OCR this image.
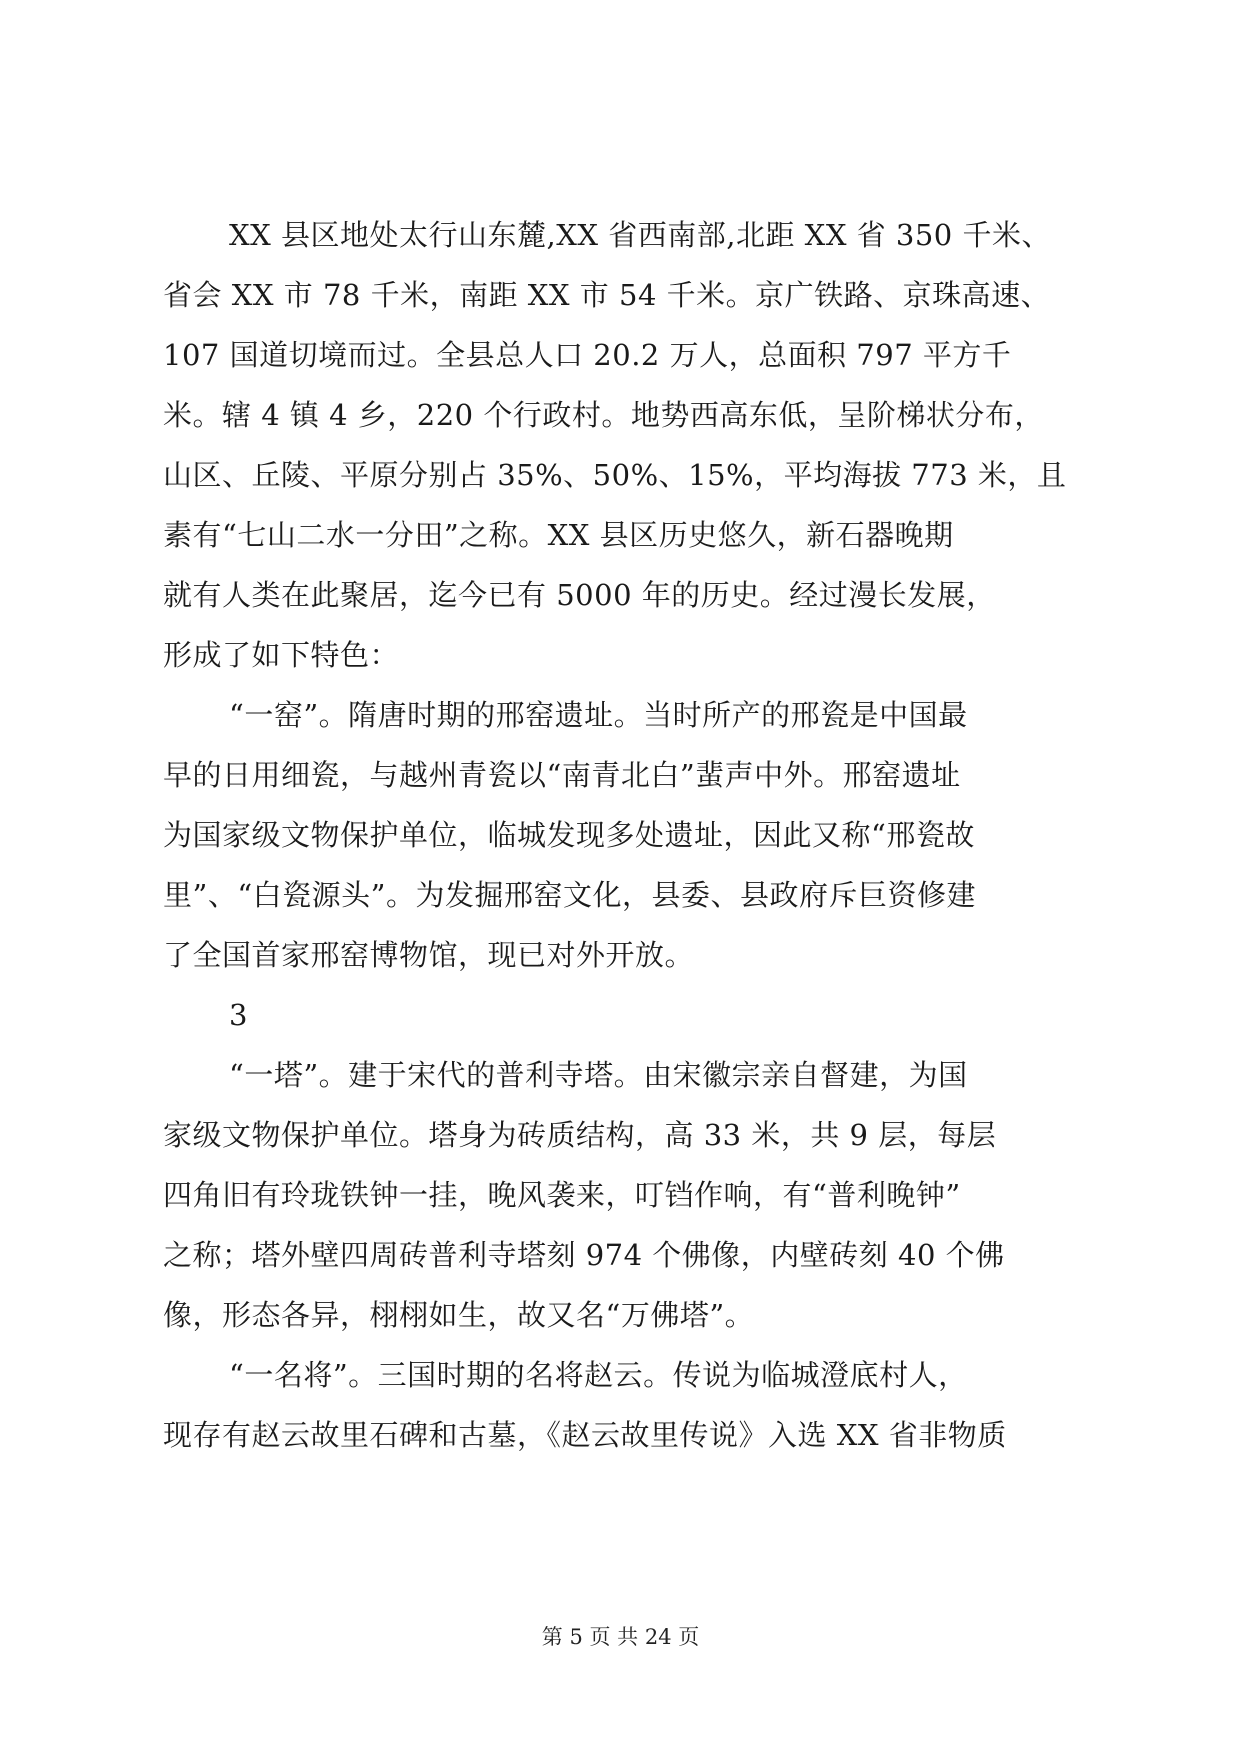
XX 县区地处太行山东麓,XX 省西南部,北距 XX 省 350 千米、
省会 XX 市 78 千米，南距 XX 市 54 千米。京广铁路、京珠高速、
107 国道切境而过。全县总人口 20.2 万人，总面积 797 平方千
米。辖 4 镇 4 乡，220 个行政村。地势西高东低，呈阶梯状分布，
山区、丘陵、平原分别占 35%、50%、15%，平均海拔 773 米，且
素有“七山二水一分田”之称。XX 县区历史悠久，新石器晚期
就有人类在此聚居，迄今已有 5000 年的历史。经过漫长发展，
形成了如下特色：
“一窑”。隋唐时期的邢窑遗址。当时所产的邢瓷是中国最
早的日用细瓷，与越州青瓷以“南青北白”蜚声中外。邢窑遗址
为国家级文物保护单位，临城发现多处遗址，因此又称“邢瓷故
里”、“白瓷源头”。为发掘邢窑文化，县委、县政府斥巨资修建
了全国首家邢窑博物馆，现已对外开放。
3
“一塔”。建于宋代的普利寺塔。由宋徽宗亲自督建，为国
家级文物保护单位。塔身为砖质结构，高 33 米，共 9 层，每层
四角旧有玲珑铁钟一挂，晚风袭来，叮铛作响，有“普利晚钟”
之称；塔外壁四周砖普利寺塔刻 974 个佛像，内壁砖刻 40 个佛
像，形态各异，栩栩如生，故又名“万佛塔”。
“一名将”。三国时期的名将赵云。传说为临城澄底村人，
现存有赵云故里石碑和古墓，《赵云故里传说》入选 XX 省非物质
第 5 页 共 24 页
